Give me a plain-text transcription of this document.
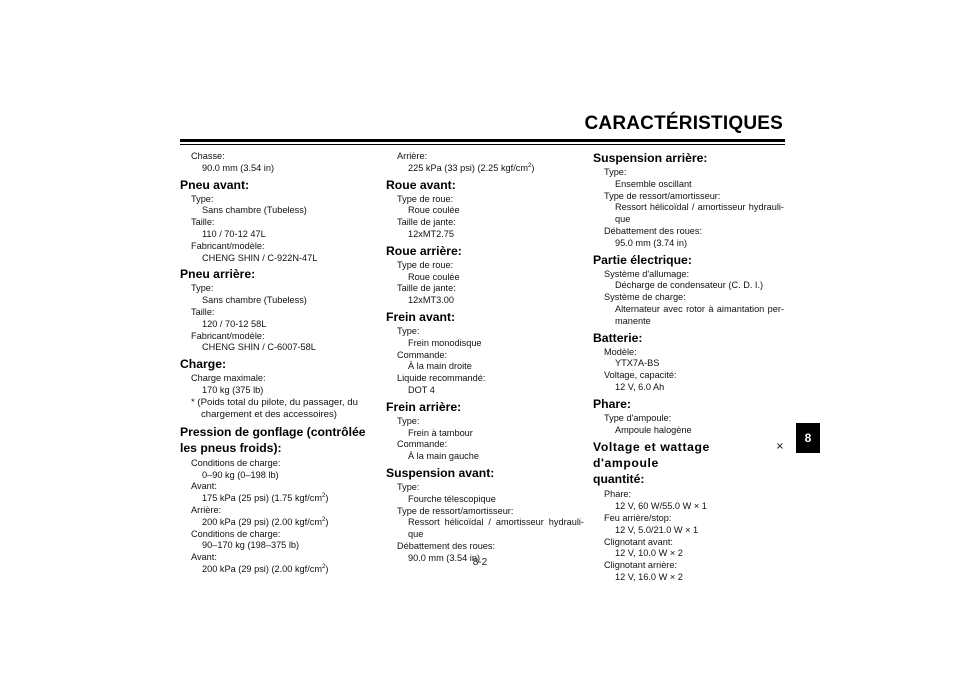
CARACTÉRISTIQUES
8
8-2
Chasse:
90.0 mm (3.54 in)
Pneu avant:
Type:
Sans chambre (Tubeless)
Taille:
110 / 70-12 47L
Fabricant/modèle:
CHENG SHIN / C-922N-47L
Pneu arrière:
Type:
Sans chambre (Tubeless)
Taille:
120 / 70-12 58L
Fabricant/modèle:
CHENG SHIN / C-6007-58L
Charge:
Charge maximale:
170 kg (375 lb)
* (Poids total du pilote, du passager, du chargement et des accessoires)
Pression de gonflage (contrôlée les pneus froids):
Conditions de charge:
0–90 kg (0–198 lb)
Avant:
175 kPa (25 psi) (1.75 kgf/$cm^2$)
Arrière:
200 kPa (29 psi) (2.00 kgf/$cm^2$)
Conditions de charge:
90–170 kg (198–375 lb)
Avant:
200 kPa (29 psi) (2.00 kgf/$cm^2$)
Arrière:
225 kPa (33 psi) (2.25 kgf/$cm^2$)
Roue avant:
Type de roue:
Roue coulée
Taille de jante:
12xMT2.75
Roue arrière:
Type de roue:
Roue coulée
Taille de jante:
12xMT3.00
Frein avant:
Type:
Frein monodisque
Commande:
À la main droite
Liquide recommandé:
DOT 4
Frein arrière:
Type:
Frein à tambour
Commande:
À la main gauche
Suspension avant:
Type:
Fourche télescopique
Type de ressort/amortisseur:
Ressort hélicoïdal / amortisseur hydrauli-que
Débattement des roues:
90.0 mm (3.54 in)
Suspension arrière:
Type:
Ensemble oscillant
Type de ressort/amortisseur:
Ressort hélicoïdal / amortisseur hydrauli-que
Débattement des roues:
95.0 mm (3.74 in)
Partie électrique:
Système d'allumage:
Décharge de condensateur (C. D. I.)
Système de charge:
Alternateur avec rotor à aimantation per-manente
Batterie:
Modèle:
YTX7A-BS
Voltage, capacité:
12 V, 6.0 Ah
Phare:
Type d'ampoule:
Ampoule halogène
Voltage et wattage d'ampoule
×
quantité:
Phare:
12 V, 60 W/55.0 W × 1
Feu arrière/stop:
12 V, 5.0/21.0 W × 1
Clignotant avant:
12 V, 10.0 W × 2
Clignotant arrière:
12 V, 16.0 W × 2
